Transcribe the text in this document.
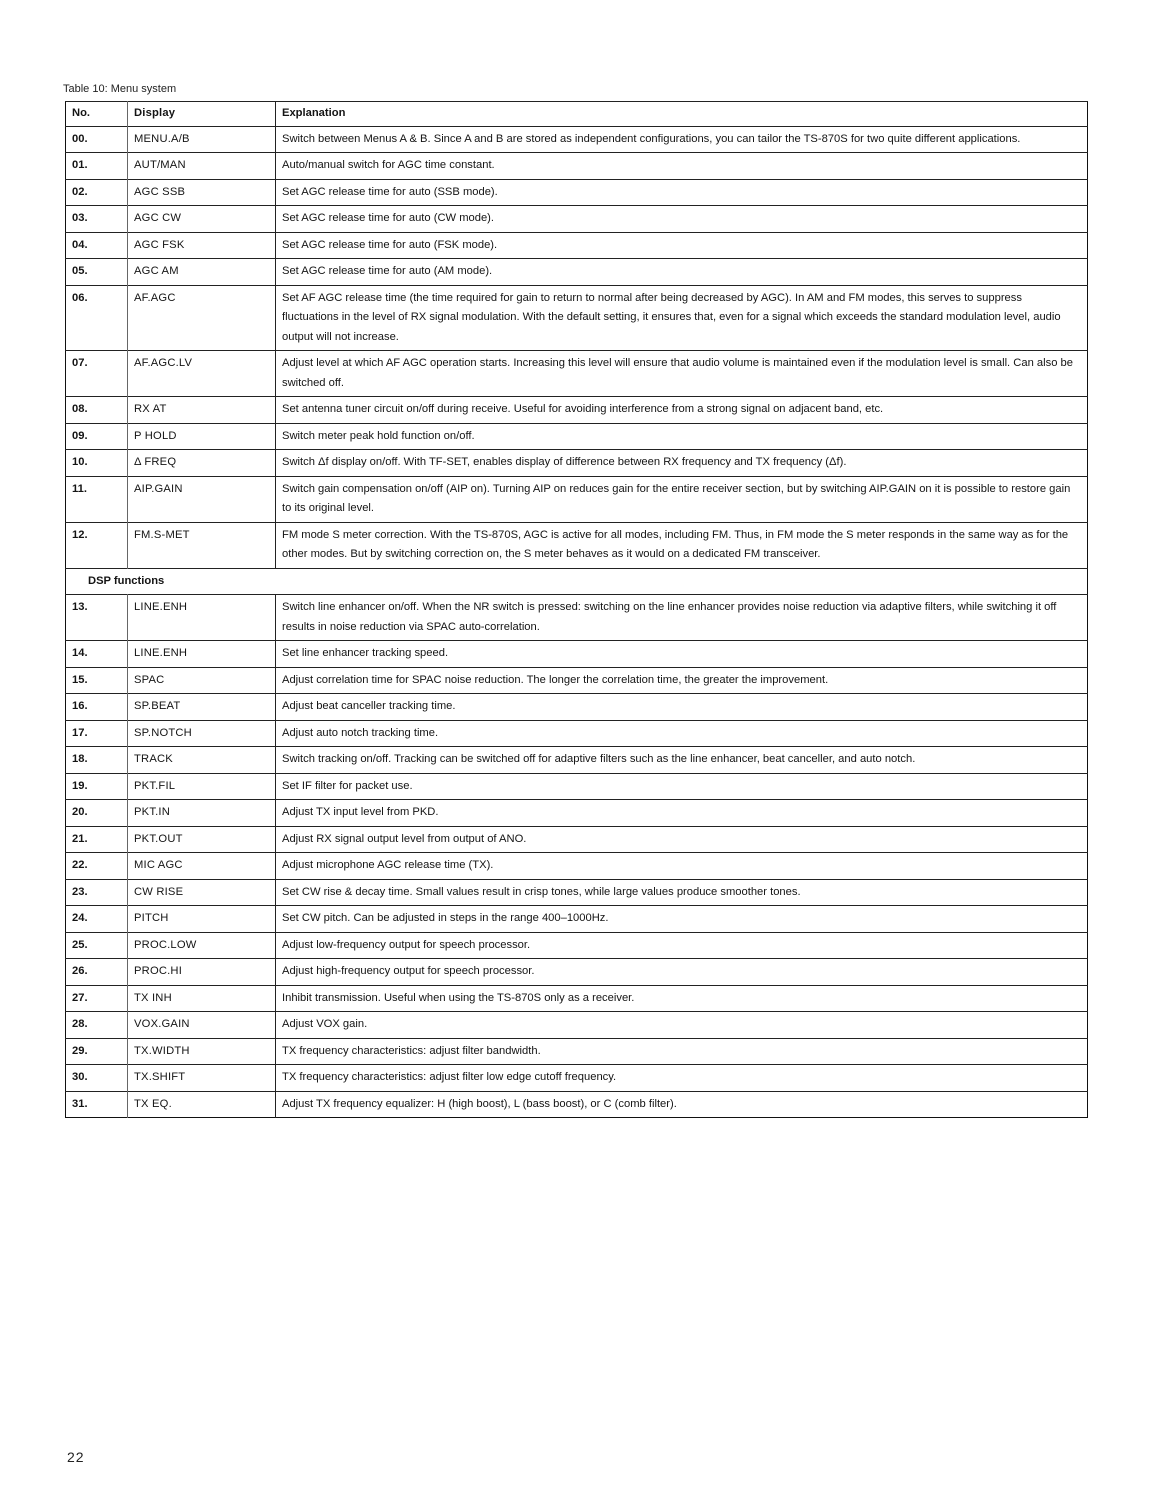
Table 10: Menu system
No.	Display	Explanation
00.	MENU.A/B	Switch between Menus A & B. Since A and B are stored as independent configurations, you can tailor the TS-870S for two quite different applications.
01.	AUT/MAN	Auto/manual switch for AGC time constant.
02.	AGC SSB	Set AGC release time for auto (SSB mode).
03.	AGC CW	Set AGC release time for auto (CW mode).
04.	AGC FSK	Set AGC release time for auto (FSK mode).
05.	AGC AM	Set AGC release time for auto (AM mode).
06.	AF.AGC	Set AF AGC release time (the time required for gain to return to normal after being decreased by AGC). In AM and FM modes, this serves to suppress fluctuations in the level of RX signal modulation. With the default setting, it ensures that, even for a signal which exceeds the standard modulation level, audio output will not increase.
07.	AF.AGC.LV	Adjust level at which AF AGC operation starts. Increasing this level will ensure that audio volume is maintained even if the modulation level is small. Can also be switched off.
08.	RX AT	Set antenna tuner circuit on/off during receive. Useful for avoiding interference from a strong signal on adjacent band, etc.
09.	P HOLD	Switch meter peak hold function on/off.
10.	Δ FREQ	Switch Δf display on/off. With TF-SET, enables display of difference between RX frequency and TX frequency (Δf).
11.	AIP.GAIN	Switch gain compensation on/off (AIP on). Turning AIP on reduces gain for the entire receiver section, but by switching AIP.GAIN on it is possible to restore gain to its original level.
12.	FM.S-MET	FM mode S meter correction. With the TS-870S, AGC is active for all modes, including FM. Thus, in FM mode the S meter responds in the same way as for the other modes. But by switching correction on, the S meter behaves as it would on a dedicated FM transceiver.
DSP functions		
13.	LINE.ENH	Switch line enhancer on/off. When the NR switch is pressed: switching on the line enhancer provides noise reduction via adaptive filters, while switching it off results in noise reduction via SPAC auto-correlation.
14.	LINE.ENH	Set line enhancer tracking speed.
15.	SPAC	Adjust correlation time for SPAC noise reduction. The longer the correlation time, the greater the improvement.
16.	SP.BEAT	Adjust beat canceller tracking time.
17.	SP.NOTCH	Adjust auto notch tracking time.
18.	TRACK	Switch tracking on/off. Tracking can be switched off for adaptive filters such as the line enhancer, beat canceller, and auto notch.
19.	PKT.FIL	Set IF filter for packet use.
20.	PKT.IN	Adjust TX input level from PKD.
21.	PKT.OUT	Adjust RX signal output level from output of ANO.
22.	MIC AGC	Adjust microphone AGC release time (TX).
23.	CW RISE	Set CW rise & decay time. Small values result in crisp tones, while large values produce smoother tones.
24.	PITCH	Set CW pitch. Can be adjusted in steps in the range 400–1000Hz.
25.	PROC.LOW	Adjust low-frequency output for speech processor.
26.	PROC.HI	Adjust high-frequency output for speech processor.
27.	TX INH	Inhibit transmission. Useful when using the TS-870S only as a receiver.
28.	VOX.GAIN	Adjust VOX gain.
29.	TX.WIDTH	TX frequency characteristics: adjust filter bandwidth.
30.	TX.SHIFT	TX frequency characteristics: adjust filter low edge cutoff frequency.
31.	TX EQ.	Adjust TX frequency equalizer: H (high boost), L (bass boost), or C (comb filter).
22
